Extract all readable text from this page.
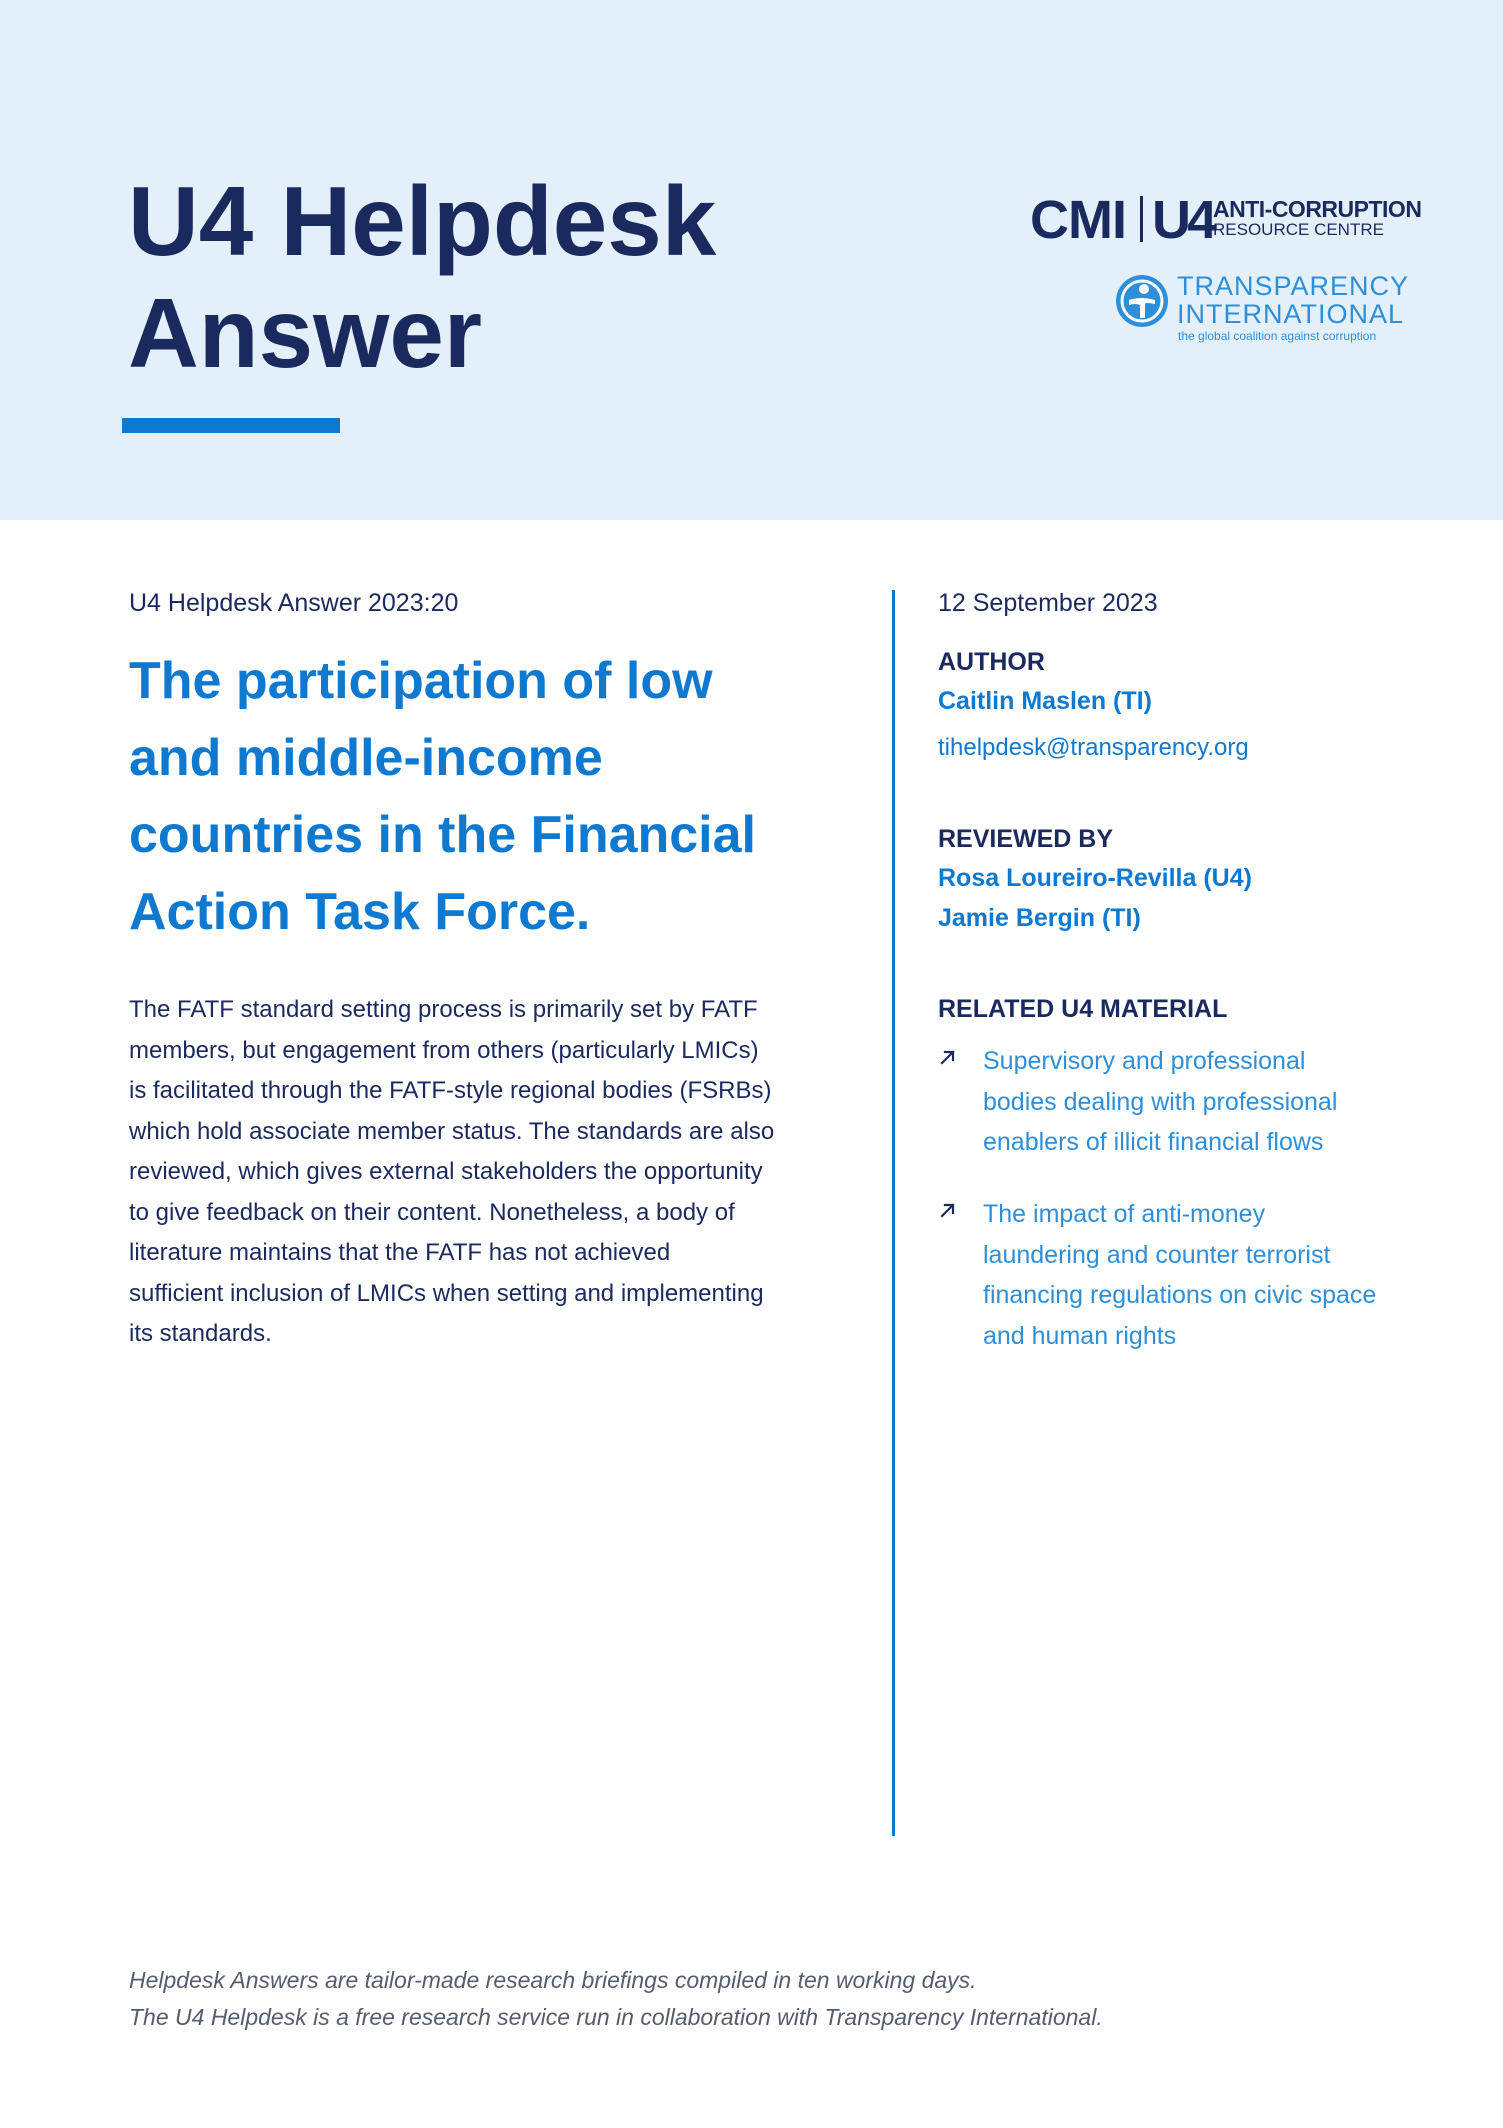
U4 Helpdesk
Answer
CMI U4 ANTI-CORRUPTION
RESOURCE CENTRE
TRANSPARENCY
INTERNATIONAL
the global coalition against corruption
U4 Helpdesk Answer 2023:20
The participation of low
and middle-income
countries in the Financial
Action Task Force.

The FATF standard setting process is primarily set by FATF
members, but engagement from others (particularly LMICs)
is facilitated through the FATF-style regional bodies (FSRBs)
which hold associate member status. The standards are also
reviewed, which gives external stakeholders the opportunity
to give feedback on their content. Nonetheless, a body of
literature maintains that the FATF has not achieved
sufficient inclusion of LMICs when setting and implementing
its standards.

12 September 2023
AUTHOR
Caitlin Maslen (TI)
tihelpdesk@transparency.org
REVIEWED BY
Rosa Loureiro-Revilla (U4)
Jamie Bergin (TI)
RELATED U4 MATERIAL
Supervisory and professional
bodies dealing with professional
enablers of illicit financial flows
The impact of anti-money
laundering and counter terrorist
financing regulations on civic space
and human rights
Helpdesk Answers are tailor-made research briefings compiled in ten working days.
The U4 Helpdesk is a free research service run in collaboration with Transparency International.
